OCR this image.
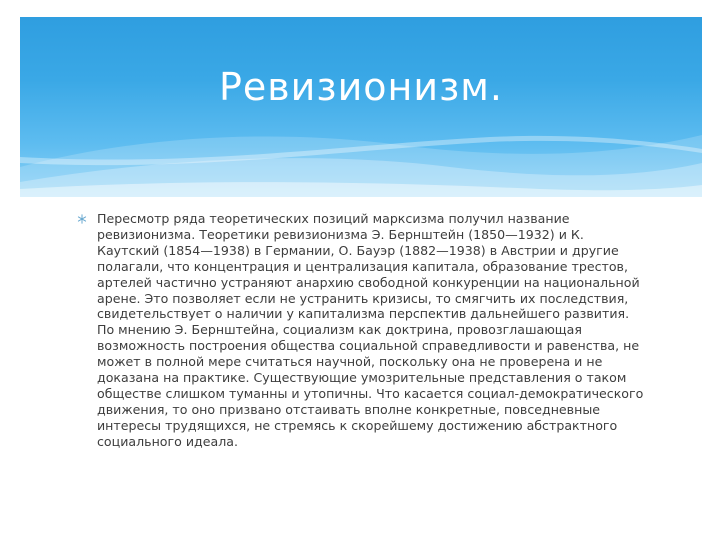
Ревизионизм.

Пересмотр ряда теоретических позиций марксизма получил название ревизионизма. Теоретики ревизионизма Э. Бернштейн (1850—1932) и К. Каутский (1854—1938) в Германии, О. Бауэр (1882—1938) в Австрии и другие полагали, что концентрация и централизация капитала, образование трестов, артелей частично устраняют анархию свободной конкуренции на национальной арене. Это позволяет если не устранить кризисы, то смягчить их последствия, свидетельствует о наличии у капитализма перспектив дальнейшего развития. По мнению Э. Бернштейна, социализм как доктрина, провозглашающая возможность построения общества социальной справедливости и равенства, не может в полной мере считаться научной, поскольку она не проверена и не доказана на практике. Существующие умозрительные представления о таком обществе слишком туманны и утопичны. Что касается социал-демократического движения, то оно призвано отстаивать вполне конкретные, повседневные интересы трудящихся, не стремясь к скорейшему достижению абстрактного социального идеала.
